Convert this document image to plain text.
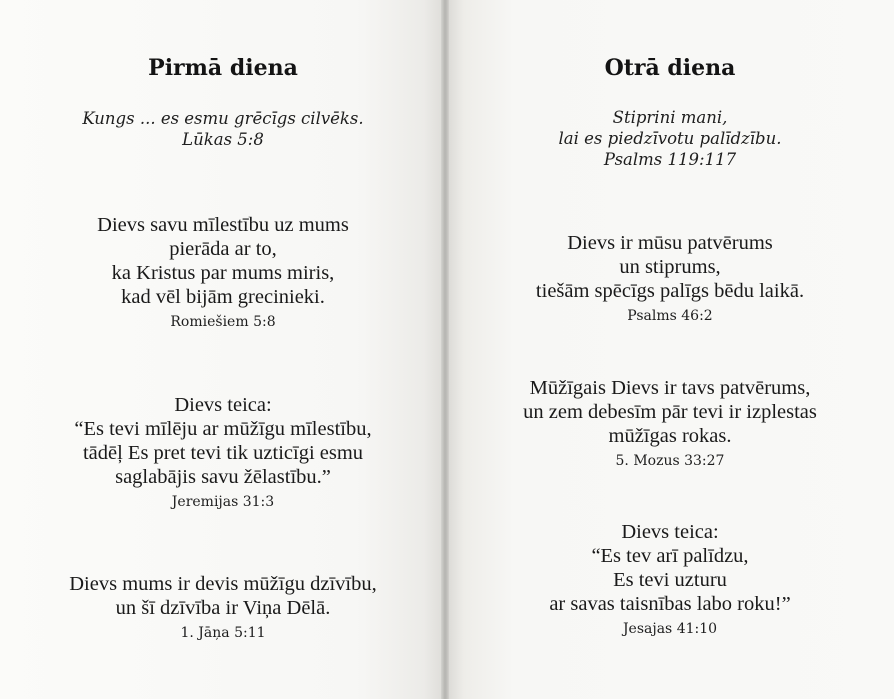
Pirmā diena
Kungs ... es esmu grēcīgs cilvēks.
Lūkas 5:8
Dievs savu mīlestību uz mums
pierāda ar to,
ka Kristus par mums miris,
kad vēl bijām grecinieki.
Romiešiem 5:8
Dievs teica:
“Es tevi mīlēju ar mūžīgu mīlestību,
tādēļ Es pret tevi tik uzticīgi esmu
saglabājis savu žēlastību.”
Jeremijas 31:3
Dievs mums ir devis mūžīgu dzīvību,
un šī dzīvība ir Viņa Dēlā.
1. Jāņa 5:11
Otrā diena
Stiprini mani,
lai es piedzīvotu palīdzību.
Psalms 119:117
Dievs ir mūsu patvērums
un stiprums,
tiešām spēcīgs palīgs bēdu laikā.
Psalms 46:2
Mūžīgais Dievs ir tavs patvērums,
un zem debesīm pār tevi ir izplestas
mūžīgas rokas.
5. Mozus 33:27
Dievs teica:
“Es tev arī palīdzu,
Es tevi uzturu
ar savas taisnības labo roku!”
Jesajas 41:10
